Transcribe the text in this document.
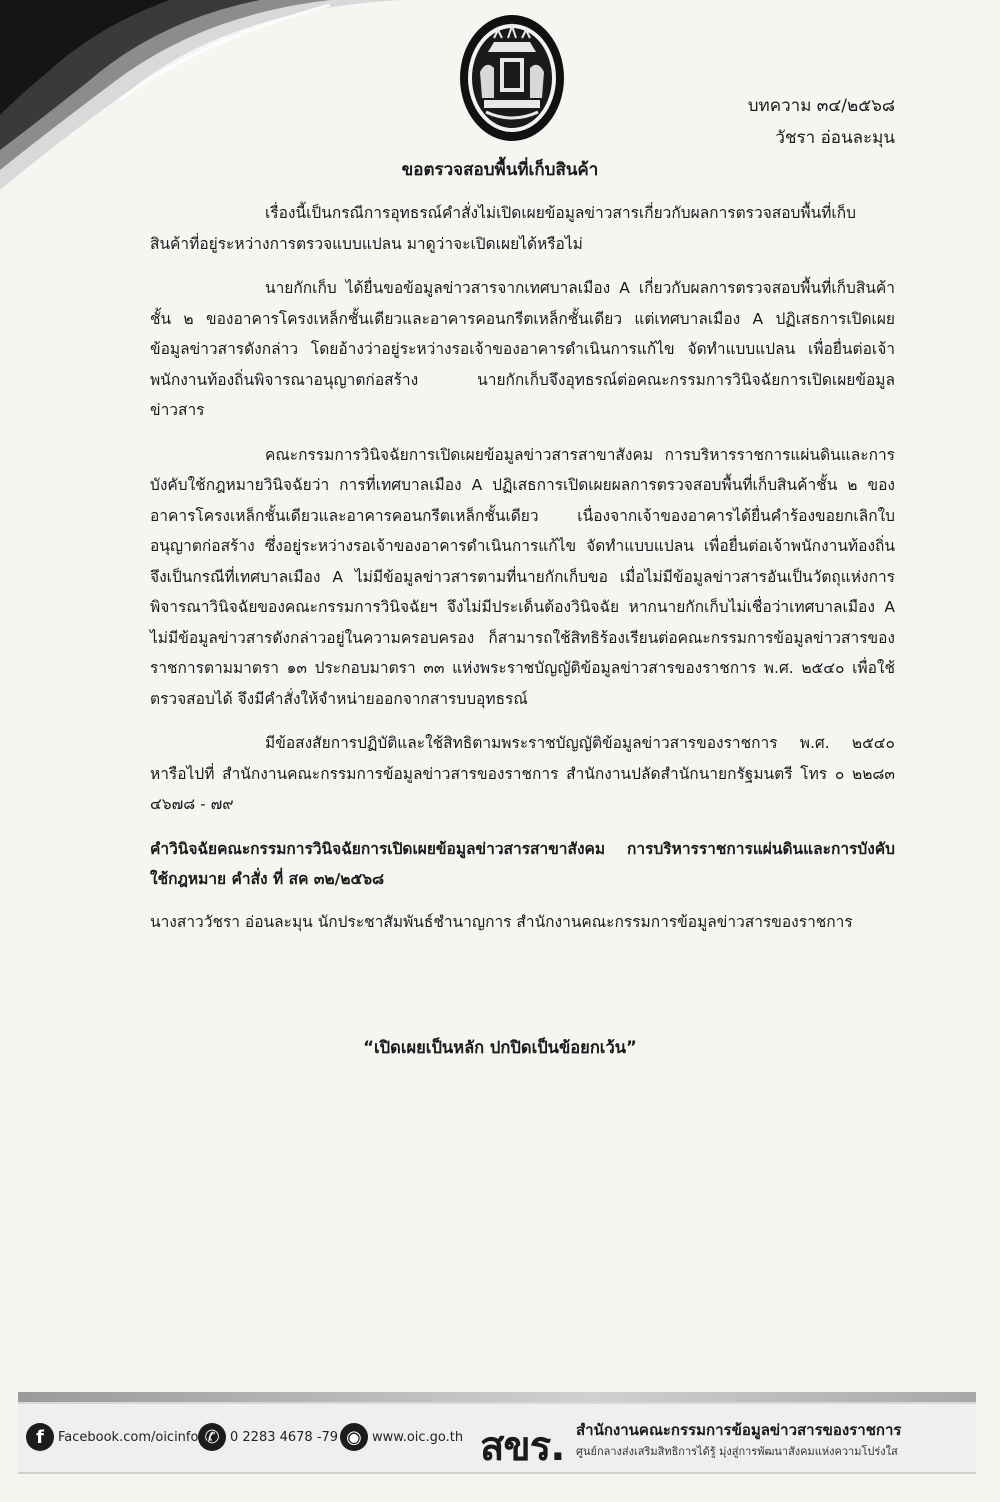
บทความ ๓๔/๒๕๖๘
วัชรา อ่อนละมุน
ขอตรวจสอบพื้นที่เก็บสินค้า

เรื่องนี้เป็นกรณีการอุทธรณ์คำสั่งไม่เปิดเผยข้อมูลข่าวสารเกี่ยวกับผลการตรวจสอบพื้นที่เก็บสินค้าที่อยู่ระหว่างการตรวจแบบแปลน มาดูว่าจะเปิดเผยได้หรือไม่

นายกักเก็บ ได้ยื่นขอข้อมูลข่าวสารจากเทศบาลเมือง A เกี่ยวกับผลการตรวจสอบพื้นที่เก็บสินค้าชั้น ๒ ของอาคารโครงเหล็กชั้นเดียวและอาคารคอนกรีตเหล็กชั้นเดียว แต่เทศบาลเมือง A ปฏิเสธการเปิดเผยข้อมูลข่าวสารดังกล่าว โดยอ้างว่าอยู่ระหว่างรอเจ้าของอาคารดำเนินการแก้ไข จัดทำแบบแปลน เพื่อยื่นต่อเจ้าพนักงานท้องถิ่นพิจารณาอนุญาตก่อสร้าง นายกักเก็บจึงอุทธรณ์ต่อคณะกรรมการวินิจฉัยการเปิดเผยข้อมูลข่าวสาร

คณะกรรมการวินิจฉัยการเปิดเผยข้อมูลข่าวสารสาขาสังคม การบริหารราชการแผ่นดินและการบังคับใช้กฎหมายวินิจฉัยว่า การที่เทศบาลเมือง A ปฏิเสธการเปิดเผยผลการตรวจสอบพื้นที่เก็บสินค้าชั้น ๒ ของอาคารโครงเหล็กชั้นเดียวและอาคารคอนกรีตเหล็กชั้นเดียว เนื่องจากเจ้าของอาคารได้ยื่นคำร้องขอยกเลิกใบอนุญาตก่อสร้าง ซึ่งอยู่ระหว่างรอเจ้าของอาคารดำเนินการแก้ไข จัดทำแบบแปลน เพื่อยื่นต่อเจ้าพนักงานท้องถิ่น จึงเป็นกรณีที่เทศบาลเมือง A ไม่มีข้อมูลข่าวสารตามที่นายกักเก็บขอ เมื่อไม่มีข้อมูลข่าวสารอันเป็นวัตถุแห่งการพิจารณาวินิจฉัยของคณะกรรมการวินิจฉัยฯ จึงไม่มีประเด็นต้องวินิจฉัย หากนายกักเก็บไม่เชื่อว่าเทศบาลเมือง A ไม่มีข้อมูลข่าวสารดังกล่าวอยู่ในความครอบครอง ก็สามารถใช้สิทธิร้องเรียนต่อคณะกรรมการข้อมูลข่าวสารของราชการตามมาตรา ๑๓ ประกอบมาตรา ๓๓ แห่งพระราชบัญญัติข้อมูลข่าวสารของราชการ พ.ศ. ๒๕๔๐ เพื่อใช้ตรวจสอบได้ จึงมีคำสั่งให้จำหน่ายออกจากสารบบอุทธรณ์

มีข้อสงสัยการปฏิบัติและใช้สิทธิตามพระราชบัญญัติข้อมูลข่าวสารของราชการ พ.ศ. ๒๕๔๐ หารือไปที่ สำนักงานคณะกรรมการข้อมูลข่าวสารของราชการ สำนักงานปลัดสำนักนายกรัฐมนตรี โทร ๐ ๒๒๘๓ ๔๖๗๘ - ๗๙

คำวินิจฉัยคณะกรรมการวินิจฉัยการเปิดเผยข้อมูลข่าวสารสาขาสังคม การบริหารราชการแผ่นดินและการบังคับใช้กฎหมาย คำสั่ง ที่ สค ๓๒/๒๕๖๘

นางสาววัชรา อ่อนละมุน นักประชาสัมพันธ์ชำนาญการ สำนักงานคณะกรรมการข้อมูลข่าวสารของราชการ

“เปิดเผยเป็นหลัก ปกปิดเป็นข้อยกเว้น”
f	Facebook.com/oicinfo ✆ 0 2283 4678 -79 ◉ www.oic.go.th สขร. สำนักงานคณะกรรมการข้อมูลข่าวสารของราชการ
ศูนย์กลางส่งเสริมสิทธิการได้รู้ มุ่งสู่การพัฒนาสังคมแห่งความโปร่งใส
